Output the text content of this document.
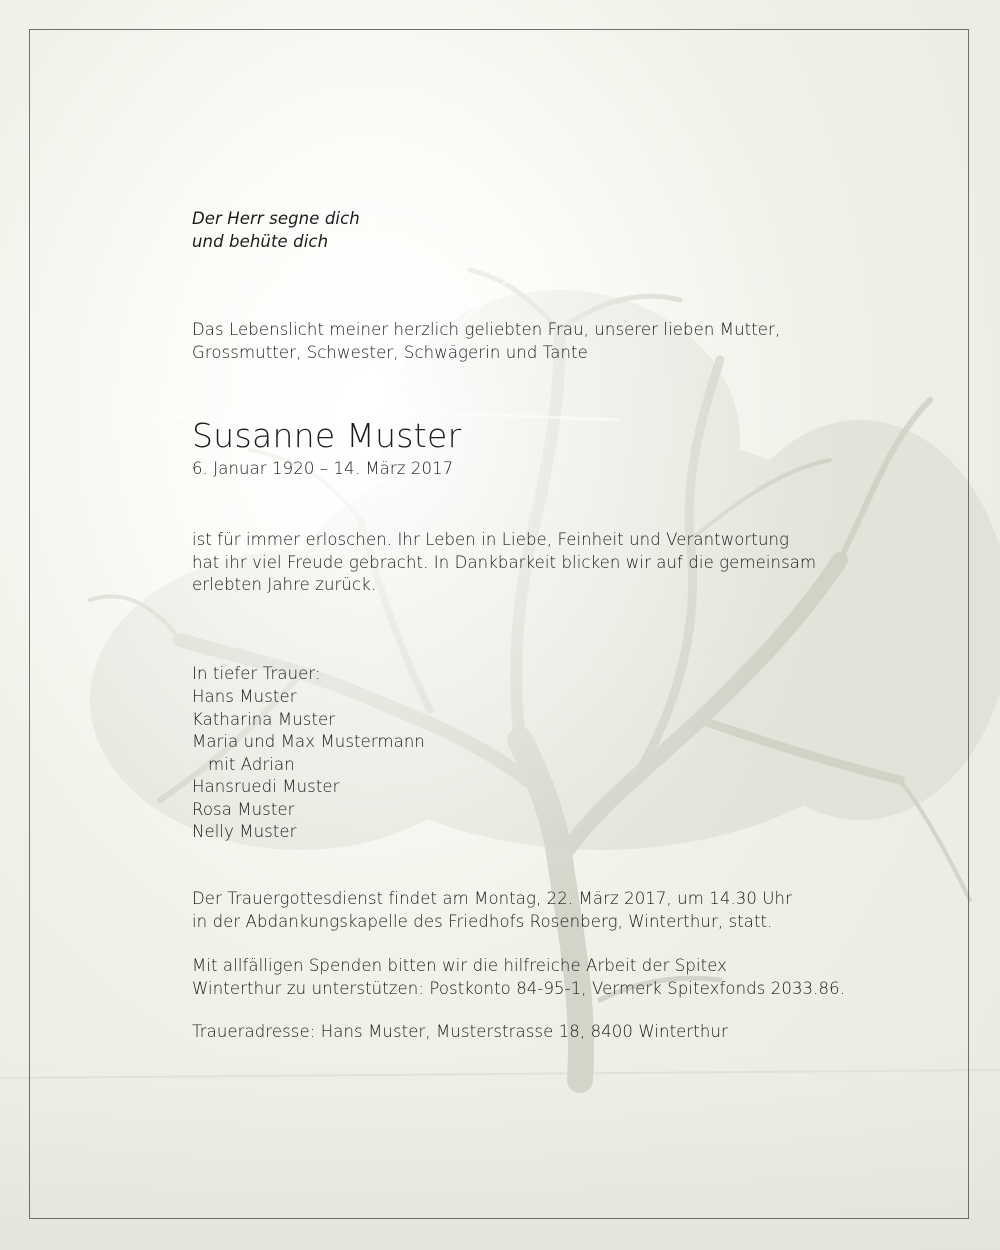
Der Herr segne dich
und behüte dich
Das Lebenslicht meiner herzlich geliebten Frau, unserer lieben Mutter,
Grossmutter, Schwester, Schwägerin und Tante
Susanne Muster
6. Januar 1920 – 14. März 2017
ist für immer erloschen. Ihr Leben in Liebe, Feinheit und Verantwortung
hat ihr viel Freude gebracht. In Dankbarkeit blicken wir auf die gemeinsam
erlebten Jahre zurück.
In tiefer Trauer:
Hans Muster
Katharina Muster
Maria und Max Mustermann
mit Adrian
Hansruedi Muster
Rosa Muster
Nelly Muster
Der Trauergottesdienst findet am Montag, 22. März 2017, um 14.30 Uhr
in der Abdankungskapelle des Friedhofs Rosenberg, Winterthur, statt.
Mit allfälligen Spenden bitten wir die hilfreiche Arbeit der Spitex
Winterthur zu unterstützen: Postkonto 84-95-1, Vermerk Spitexfonds 2033.86.
Traueradresse: Hans Muster, Musterstrasse 18, 8400 Winterthur
